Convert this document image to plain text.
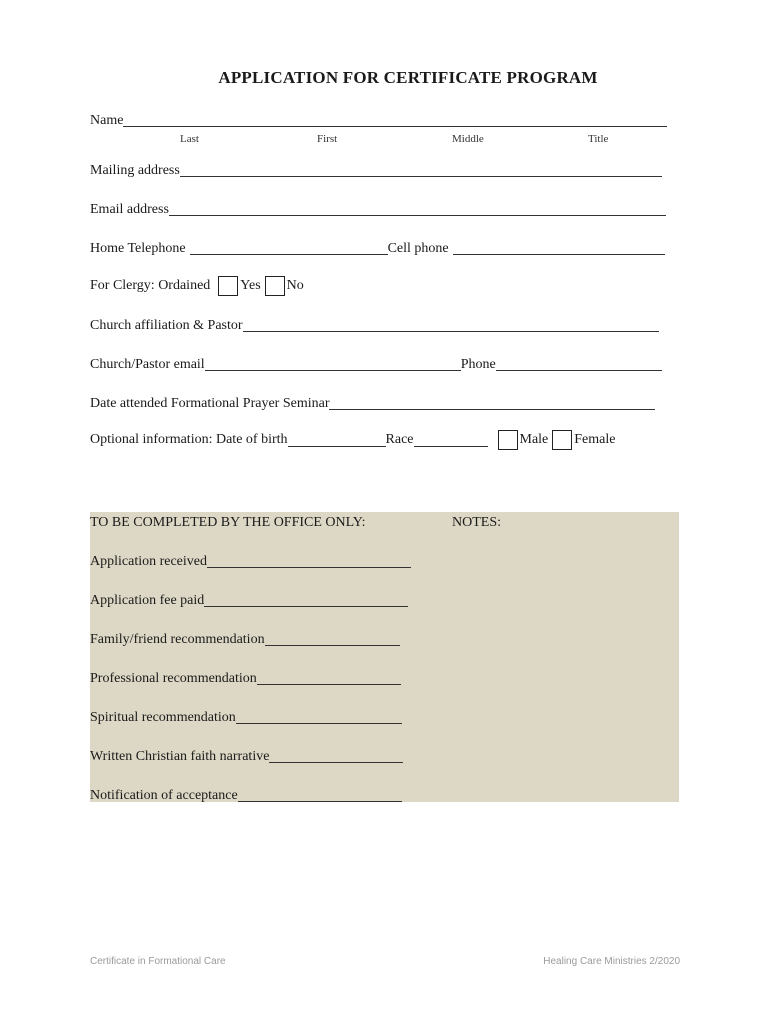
APPLICATION FOR CERTIFICATE PROGRAM
Name
Last	First	Middle	Title
Mailing address
Email address
Home Telephone	Cell phone
For Clergy: Ordained Yes No
Church affiliation & Pastor
Church/Pastor email	Phone
Date attended Formational Prayer Seminar
Optional information: Date of birth	Race	Male Female
TO BE COMPLETED BY THE OFFICE ONLY:	NOTES:
Application received
Application fee paid
Family/friend recommendation
Professional recommendation
Spiritual recommendation
Written Christian faith narrative
Notification of acceptance
Certificate in Formational Care	Healing Care Ministries 2/2020
